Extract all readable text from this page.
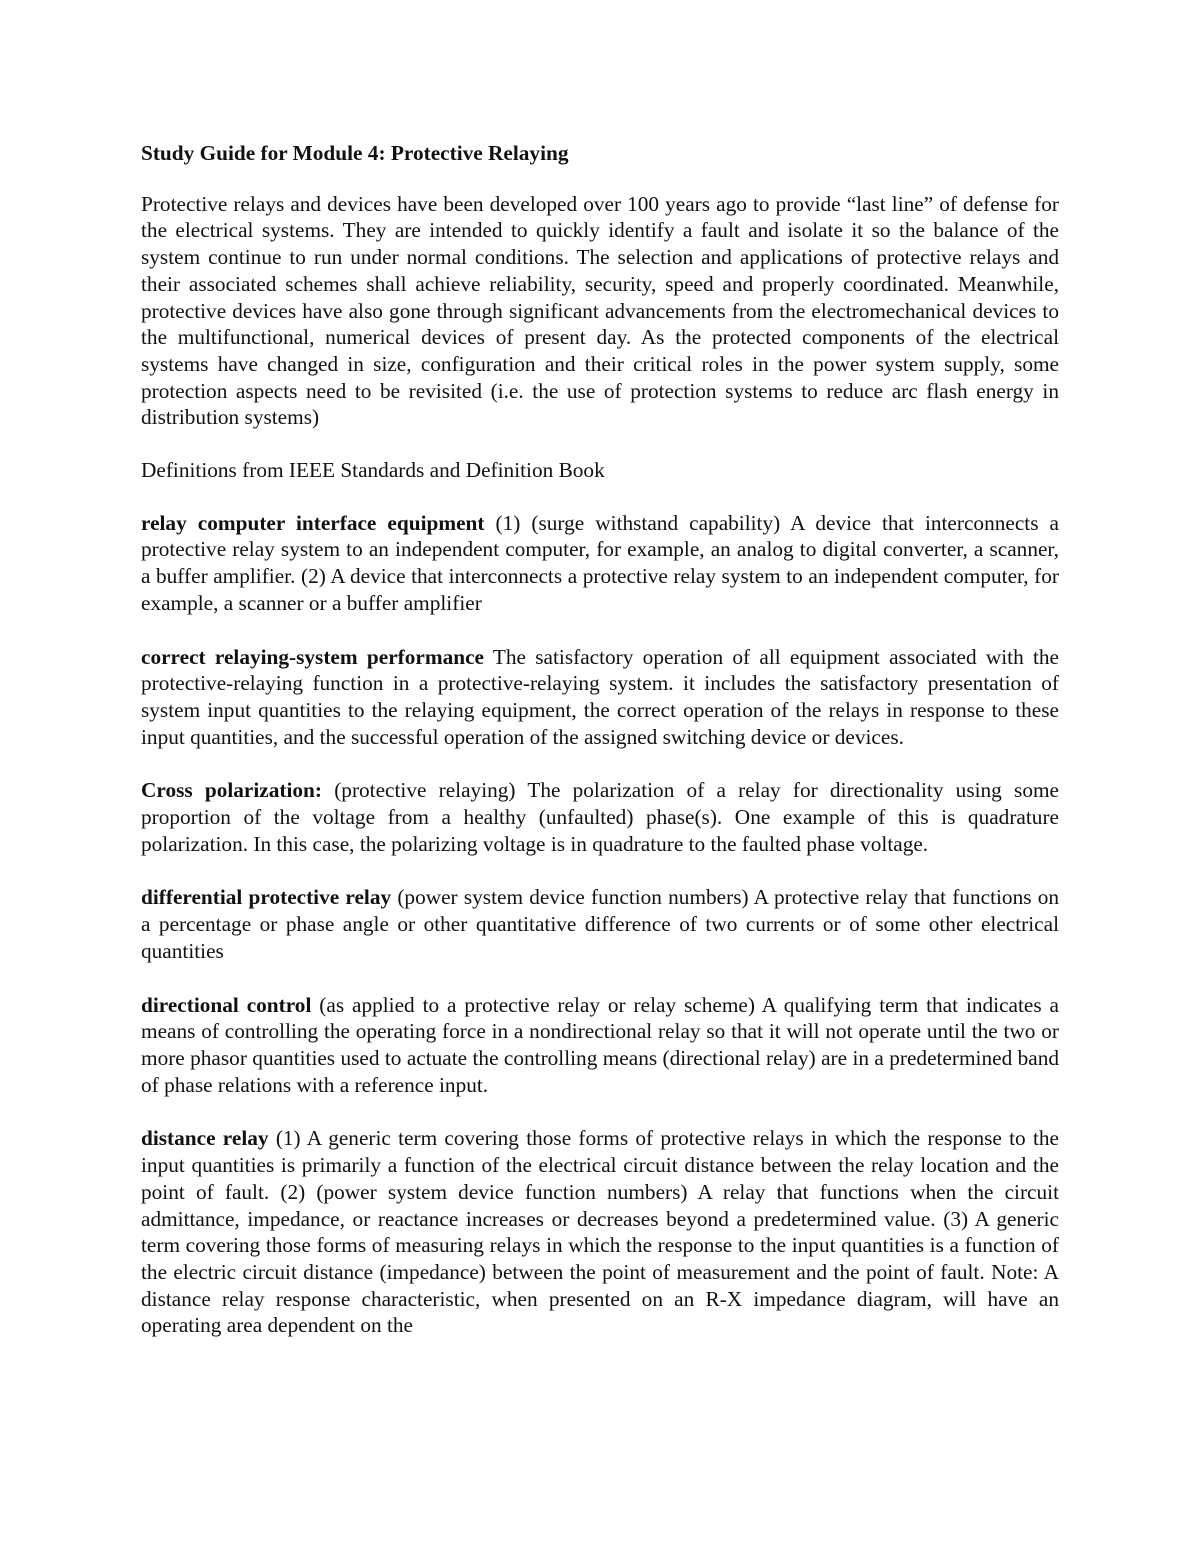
Study Guide for Module 4: Protective Relaying

Protective relays and devices have been developed over 100 years ago to provide “last line” of defense for the electrical systems. They are intended to quickly identify a fault and isolate it so the balance of the system continue to run under normal conditions. The selection and applications of protective relays and their associated schemes shall achieve reliability, security, speed and properly coordinated. Meanwhile, protective devices have also gone through significant advancements from the electromechanical devices to the multifunctional, numerical devices of present day. As the protected components of the electrical systems have changed in size, configuration and their critical roles in the power system supply, some protection aspects need to be revisited (i.e. the use of protection systems to reduce arc flash energy in distribution systems)

Definitions from IEEE Standards and Definition Book

relay computer interface equipment (1) (surge withstand capability) A device that interconnects a protective relay system to an independent computer, for example, an analog to digital converter, a scanner, a buffer amplifier. (2) A device that interconnects a protective relay system to an independent computer, for example, a scanner or a buffer amplifier

correct relaying-system performance The satisfactory operation of all equipment associated with the protective-relaying function in a protective-relaying system. it includes the satisfactory presentation of system input quantities to the relaying equipment, the correct operation of the relays in response to these input quantities, and the successful operation of the assigned switching device or devices.

Cross polarization: (protective relaying) The polarization of a relay for directionality using some proportion of the voltage from a healthy (unfaulted) phase(s). One example of this is quadrature polarization. In this case, the polarizing voltage is in quadrature to the faulted phase voltage.

differential protective relay (power system device function numbers) A protective relay that functions on a percentage or phase angle or other quantitative difference of two currents or of some other electrical quantities

directional control (as applied to a protective relay or relay scheme) A qualifying term that indicates a means of controlling the operating force in a nondirectional relay so that it will not operate until the two or more phasor quantities used to actuate the controlling means (directional relay) are in a predetermined band of phase relations with a reference input.

distance relay (1) A generic term covering those forms of protective relays in which the response to the input quantities is primarily a function of the electrical circuit distance between the relay location and the point of fault. (2) (power system device function numbers) A relay that functions when the circuit admittance, impedance, or reactance increases or decreases beyond a predetermined value. (3) A generic term covering those forms of measuring relays in which the response to the input quantities is a function of the electric circuit distance (impedance) between the point of measurement and the point of fault. Note: A distance relay response characteristic, when presented on an R-X impedance diagram, will have an operating area dependent on the
